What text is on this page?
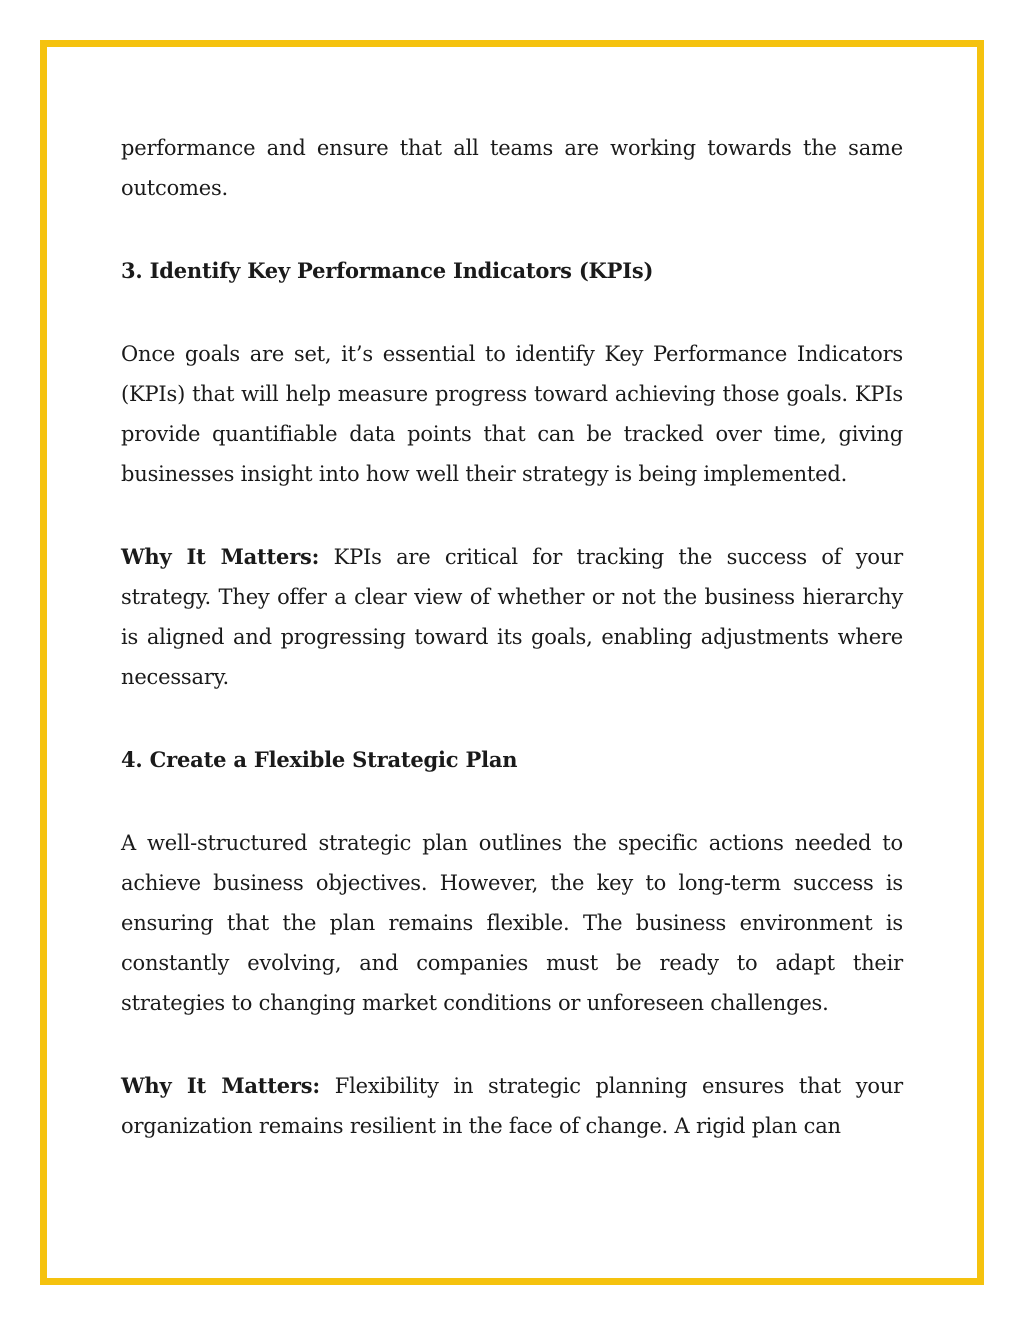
performance and ensure that all teams are working towards the same outcomes.

3. Identify Key Performance Indicators (KPIs)

Once goals are set, it’s essential to identify Key Performance Indicators (KPIs) that will help measure progress toward achieving those goals. KPIs provide quantifiable data points that can be tracked over time, giving businesses insight into how well their strategy is being implemented.

Why It Matters: KPIs are critical for tracking the success of your strategy. They offer a clear view of whether or not the business hierarchy is aligned and progressing toward its goals, enabling adjustments where necessary.

4. Create a Flexible Strategic Plan

A well-structured strategic plan outlines the specific actions needed to achieve business objectives. However, the key to long-term success is ensuring that the plan remains flexible. The business environment is constantly evolving, and companies must be ready to adapt their strategies to changing market conditions or unforeseen challenges.

Why It Matters: Flexibility in strategic planning ensures that your organization remains resilient in the face of change. A rigid plan can
